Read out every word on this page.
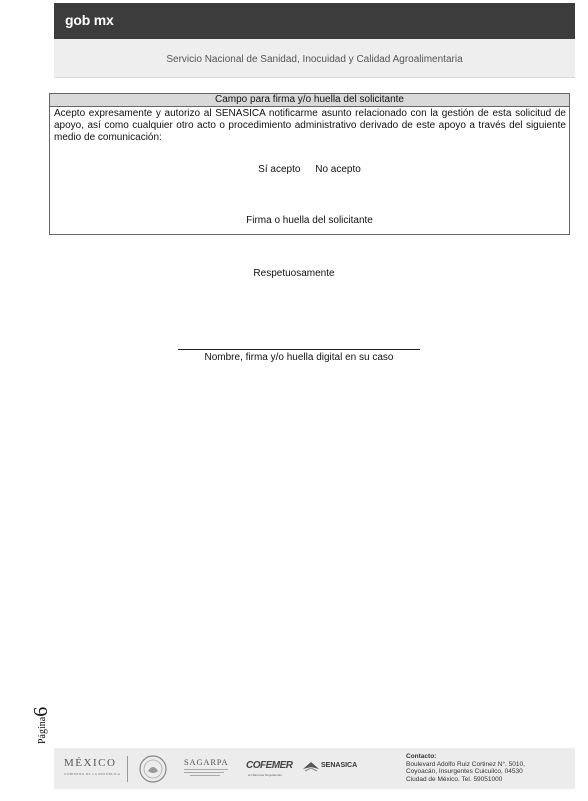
gob mx
Servicio Nacional de Sanidad, Inocuidad y Calidad Agroalimentaria
Campo para firma y/o huella del solicitante
Acepto expresamente y autorizo al SENASICA notificarme asunto relacionado con la gestión de esta solicitud de apoyo, así como cualquier otro acto o procedimiento administrativo derivado de este apoyo a través del siguiente medio de comunicación:
Sí acepto No acepto
Firma o huella del solicitante
Respetuosamente
Nombre, firma y/o huella digital en su caso
Página6
MÉXICO
GOBIERNO DE LA REPÚBLICA
SAGARPA COFEMER
sin Barreras Regulatorias
SENASICA
Contacto:
Boulevard Adolfo Ruiz Cortinez N°. 5010,
Coyoacán, Insurgentes Cuicuilco, 04530
Ciudad de México. Tel. 59051000
